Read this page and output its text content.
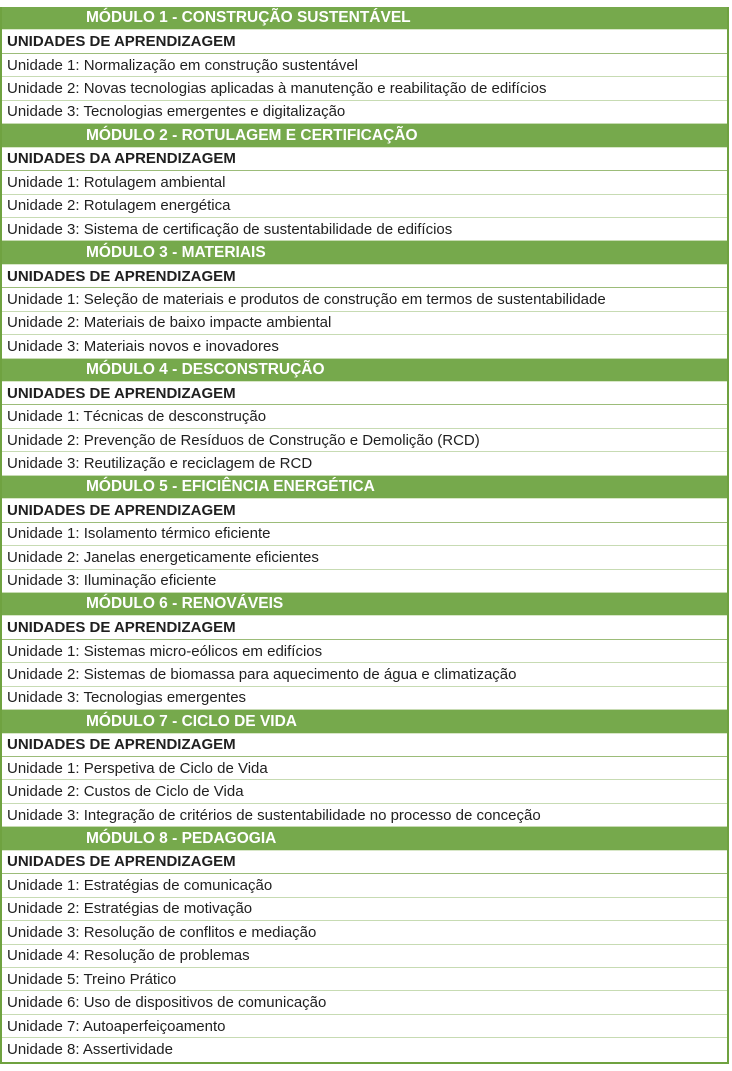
MÓDULO 1 - CONSTRUÇÃO SUSTENTÁVEL
UNIDADES DE APRENDIZAGEM
Unidade 1: Normalização em construção sustentável
Unidade 2: Novas tecnologias aplicadas à manutenção e reabilitação de edifícios
Unidade 3: Tecnologias emergentes e digitalização
MÓDULO 2 - ROTULAGEM E CERTIFICAÇÃO
UNIDADES DA APRENDIZAGEM
Unidade 1: Rotulagem ambiental
Unidade 2: Rotulagem energética
Unidade 3: Sistema de certificação de sustentabilidade de edifícios
MÓDULO 3 - MATERIAIS
UNIDADES DE APRENDIZAGEM
Unidade 1: Seleção de materiais e produtos de construção em termos de sustentabilidade
Unidade 2: Materiais de baixo impacte ambiental
Unidade 3: Materiais novos e inovadores
MÓDULO 4 - DESCONSTRUÇÃO
UNIDADES DE APRENDIZAGEM
Unidade 1: Técnicas de desconstrução
Unidade 2: Prevenção de Resíduos de Construção e Demolição (RCD)
Unidade 3: Reutilização e reciclagem de RCD
MÓDULO 5 - EFICIÊNCIA ENERGÉTICA
UNIDADES DE APRENDIZAGEM
Unidade 1: Isolamento térmico eficiente
Unidade 2: Janelas energeticamente eficientes
Unidade 3: Iluminação eficiente
MÓDULO 6 - RENOVÁVEIS
UNIDADES DE APRENDIZAGEM
Unidade 1: Sistemas micro-eólicos em edifícios
Unidade 2: Sistemas de biomassa para aquecimento de água e climatização
Unidade 3: Tecnologias emergentes
MÓDULO 7 - CICLO DE VIDA
UNIDADES DE APRENDIZAGEM
Unidade 1: Perspetiva de Ciclo de Vida
Unidade 2: Custos de Ciclo de Vida
Unidade 3: Integração de critérios de sustentabilidade no processo de conceção
MÓDULO 8 - PEDAGOGIA
UNIDADES DE APRENDIZAGEM
Unidade 1: Estratégias de comunicação
Unidade 2: Estratégias de motivação
Unidade 3: Resolução de conflitos e mediação
Unidade 4: Resolução de problemas
Unidade 5: Treino Prático
Unidade 6: Uso de dispositivos de comunicação
Unidade 7: Autoaperfeiçoamento
Unidade 8: Assertividade
